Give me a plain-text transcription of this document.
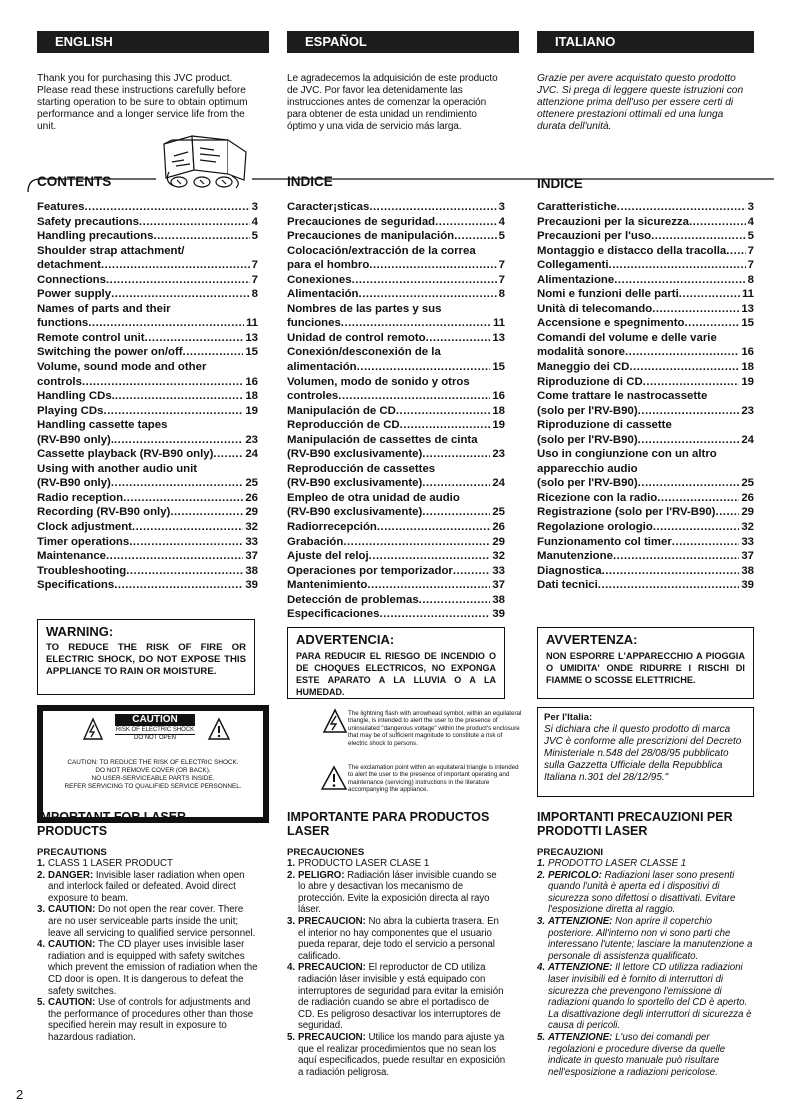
ENGLISH	ESPAÑOL	ITALIANO
Thank you for purchasing this JVC product. Please read these instructions carefully before starting operation to be sure to obtain optimum performance and a longer service life from the unit.
Le agradecemos la adquisición de este producto de JVC. Por favor lea detenidamente las instrucciones antes de comenzar la operación para obtener de esta unidad un rendimiento óptimo y una vida de servicio más larga.
Grazie per avere acquistato questo prodotto JVC. Si prega di leggere queste istruzioni con attenzione prima dell'uso per essere certi di ottenere prestazioni ottimali ed una lunga durata dell'unità.
CONTENTS	INDICE	INDICE
Features .....	3
Safety precautions .....	4
Handling precautions .....	5
Shoulder strap attachment/
detachment .....	7
Connections .....	7
Power supply .....	8
Names of parts and their
functions .....	11
Remote control unit .....	13
Switching the power on/off .....	15
Volume, sound mode and other
controls .....	16
Handling CDs. .....	18
Playing CDs .....	19
Handling cassette tapes
(RV-B90 only). .....	23
Cassette playback (RV-B90 only) .....	24
Using with another audio unit
(RV-B90 only) .....	25
Radio reception .....	26
Recording (RV-B90 only) .....	29
Clock adjustment .....	32
Timer operations .....	33
Maintenance .....	37
Troubleshooting .....	38
Specifications .....	39
Caracter¡sticas .....	3
Precauciones de seguridad .....	4
Precauciones de manipulación .....	5
Colocación/extracción de la correa
para el hombro .....	7
Conexiones .....	7
Alimentación .....	8
Nombres de las partes y sus
funciones .....	11
Unidad de control remoto .....	13
Conexión/desconexión de la
alimentación .....	15
Volumen, modo de sonido y otros
controles .....	16
Manipulación de CD .....	18
Reproducción de CD .....	19
Manipulación de cassettes de cinta
(RV-B90 exclusivamente) .....	23
Reproducción de cassettes
(RV-B90 exclusivamente) .....	24
Empleo de otra unidad de audio
(RV-B90 exclusivamente) .....	25
Radiorrecepción .....	26
Grabación .....	29
Ajuste del reloj .....	32
Operaciones por temporizador .....	33
Mantenimiento .....	37
Detección de problemas .....	38
Especificaciones .....	39
Caratteristiche .....	3
Precauzioni per la sicurezza .....	4
Precauzioni per l'uso .....	5
Montaggio e distacco della tracolla ..... 7
Collegamenti .....	7
Alimentazione .....	8
Nomi e funzioni delle parti .....	11
Unità di telecomando .....	13
Accensione e spegnimento .....	15
Comandi del volume e delle varie
modalità sonore .....	16
Maneggio dei CD .....	18
Riproduzione di CD .....	19
Come trattare le nastrocassette
(solo per l'RV-B90) .....	23
Riproduzione di cassette
(solo per l'RV-B90) .....	24
Uso in congiunzione con un altro
apparecchio audio
(solo per l'RV-B90) .....	25
Ricezione con la radio .....	26
Registrazione (solo per l'RV-B90) ..... 29
Regolazione orologio .....	32
Funzionamento col timer .....	33
Manutenzione .....	37
Diagnostica .....	38
Dati tecnici .....	39
WARNING:
TO REDUCE THE RISK OF FIRE OR ELECTRIC SHOCK, DO NOT EXPOSE THIS APPLIANCE TO RAIN OR MOISTURE.
ADVERTENCIA:
PARA REDUCIR EL RIESGO DE INCENDIO O DE CHOQUES ELECTRICOS, NO EXPONGA ESTE APARATO A LA LLUVIA O A LA HUMEDAD.
AVVERTENZA:
NON ESPORRE L'APPARECCHIO A PIOGGIA O UMIDITA' ONDE RIDURRE I RISCHI DI FIAMME O SCOSSE ELETTRICHE.
CAUTION
RISK OF ELECTRIC SHOCK
DO NOT OPEN
CAUTION: TO REDUCE THE RISK OF ELECTRIC SHOCK.
DO NOT REMOVE COVER (OR BACK).
NO USER-SERVICEABLE PARTS INSIDE.
REFER SERVICING TO QUALIFIED SERVICE PERSONNEL.
The lightning flash with arrowhead symbol, within an equilateral triangle, is intended to alert the user to the presence of uninsulated "dangerous voltage" within the product's enclosure that may be of sufficient magnitude to constitute a risk of electric shock to persons.
The exclamation point within an equilateral triangle is intended to alert the user to the presence of important operating and maintenance (servicing) instructions in the literature accompanying the appliance.
Per l'Italia:
Si dichiara che il questo prodotto di marca JVC è conforme alle prescrizioni del Decreto Ministeriale n.548 del 28/08/95 pubblicato sulla Gazzetta Ufficiale della Repubblica Italiana n.301 del 28/12/95."
IMPORTANT FOR LASER
PRODUCTS
IMPORTANTE PARA PRODUCTOS
LASER
IMPORTANTI PRECAUZIONI PER
PRODOTTI LASER
PRECAUTIONS	PRECAUCIONES	PRECAUZIONI
1. CLASS 1 LASER PRODUCT
2. DANGER: Invisible laser radiation when open and interlock failed or defeated. Avoid direct exposure to beam.
3. CAUTION: Do not open the rear cover. There are no user serviceable parts inside the unit; leave all servicing to qualified service personnel.
4. CAUTION: The CD player uses invisible laser radiation and is equipped with safety switches which prevent the emission of radiation when the CD door is open. It is dangerous to defeat the safety switches.
5. CAUTION: Use of controls for adjustments and the performance of procedures other than those specified herein may result in exposure to hazardous radiation.
1. PRODUCTO LASER CLASE 1
2. PELIGRO: Radiación láser invisible cuando se lo abre y desactivan los mecanismo de protección. Evite la exposición directa al rayo láser.
3. PRECAUCION: No abra la cubierta trasera. En el interior no hay componentes que el usuario pueda reparar, deje todo el servicio a personal calificado.
4. PRECAUCION: El reproductor de CD utiliza radiación láser invisible y está equipado con interruptores de seguridad para evitar la emisión de radiación cuando se abre el portadisco de CD. Es peligroso desactivar los interruptores de seguridad.
5. PRECAUCION: Utilice los mando para ajuste ya que el realizar procedimientos que no sean los aquí especificados, puede resultar en exposición a radiación peligrosa.
1. PRODOTTO LASER CLASSE 1
2. PERICOLO: Radiazioni laser sono presenti quando l'unità è aperta ed i dispositivi di sicurezza sono difettosi o disattivati. Evitare l'esposizione diretta al raggio.
3. ATTENZIONE: Non aprire il coperchio posteriore. All'interno non vi sono parti che interessano l'utente; lasciare la manutenzione a personale di assistenza qualificato.
4. ATTENZIONE: Il lettore CD utilizza radiazioni laser invisibili ed è fornito di interruttori di sicurezza che prevengono l'emissione di radiazioni quando lo sportello del CD è aperto. La disattivazione degli interruttori di sicurezza è causa di pericoli.
5. ATTENZIONE: L'uso dei comandi per regolazioni e procedure diverse da quelle indicate in questo manuale può risultare nell'esposizione a radiazioni pericolose.
2
